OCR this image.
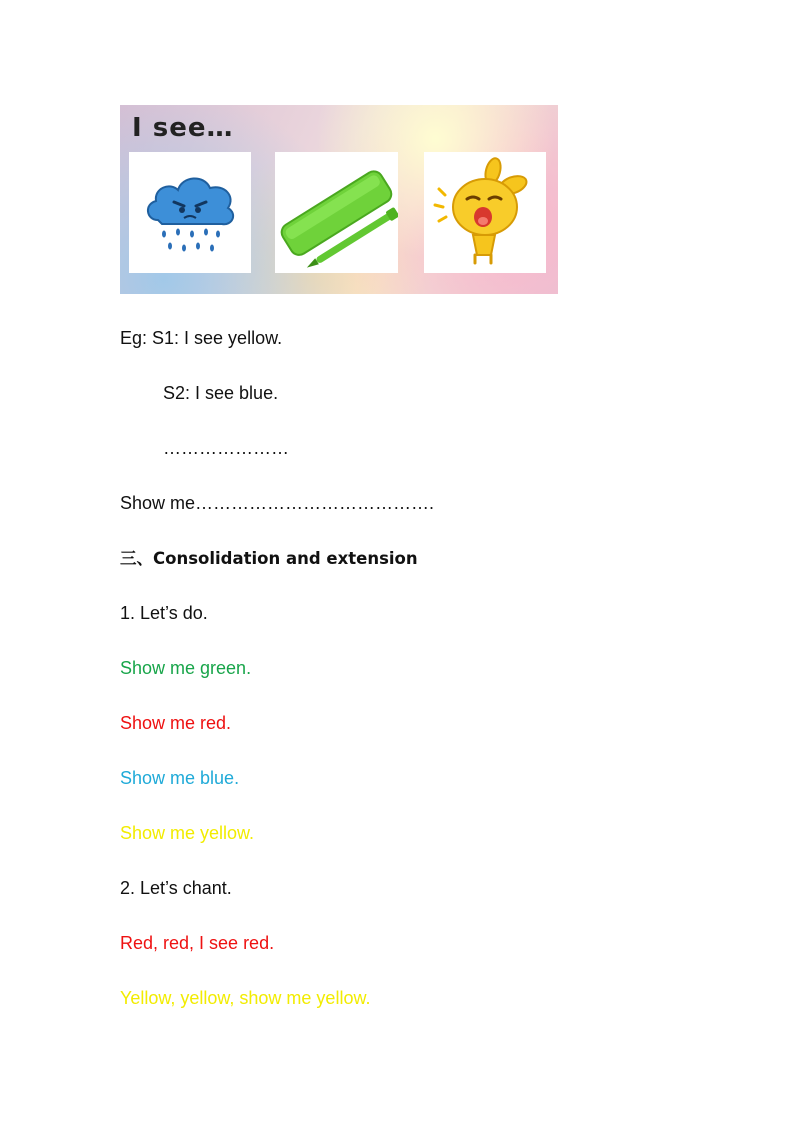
I see…
Eg: S1: I see yellow.
S2: I see blue.
…………………
Show me………………………………….
三、Consolidation and extension
1. Let’s do.
Show me green.
Show me red.
Show me blue.
Show me yellow.
2. Let’s chant.
Red, red, I see red.
Yellow, yellow, show me yellow.
